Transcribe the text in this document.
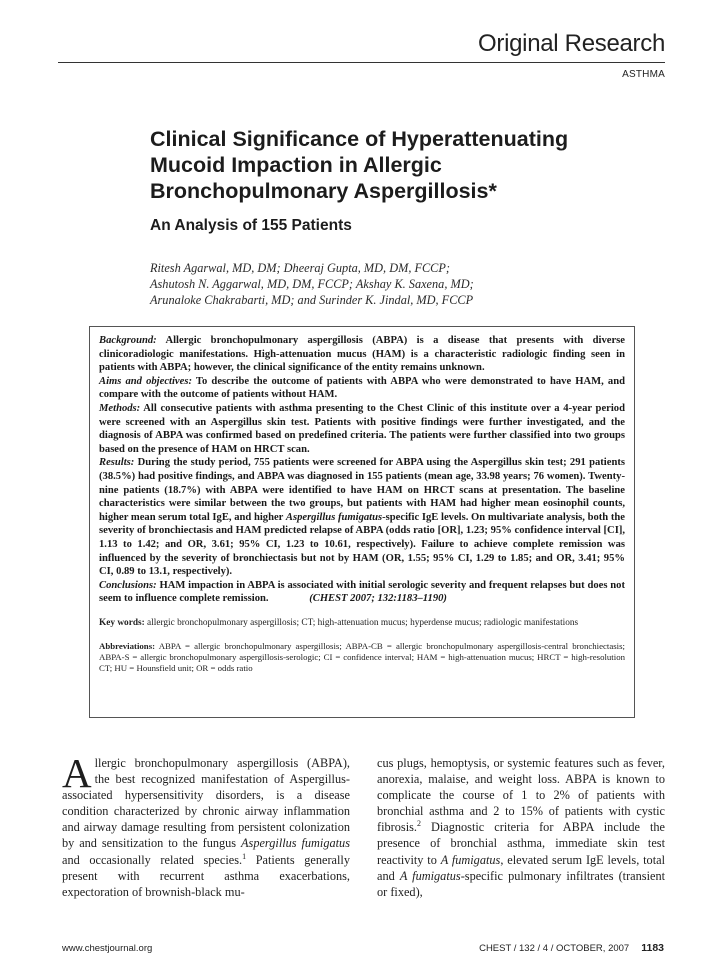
Original Research
ASTHMA
Clinical Significance of Hyperattenuating Mucoid Impaction in Allergic Bronchopulmonary Aspergillosis*
An Analysis of 155 Patients
Ritesh Agarwal, MD, DM; Dheeraj Gupta, MD, DM, FCCP;
Ashutosh N. Aggarwal, MD, DM, FCCP; Akshay K. Saxena, MD;
Arunaloke Chakrabarti, MD; and Surinder K. Jindal, MD, FCCP

Background: Allergic bronchopulmonary aspergillosis (ABPA) is a disease that presents with diverse clinicoradiologic manifestations. High-attenuation mucus (HAM) is a characteristic radiologic finding seen in patients with ABPA; however, the clinical significance of the entity remains unknown.

Aims and objectives: To describe the outcome of patients with ABPA who were demonstrated to have HAM, and compare with the outcome of patients without HAM.

Methods: All consecutive patients with asthma presenting to the Chest Clinic of this institute over a 4-year period were screened with an Aspergillus skin test. Patients with positive findings were further investigated, and the diagnosis of ABPA was confirmed based on predefined criteria. The patients were further classified into two groups based on the presence of HAM on HRCT scan.

Results: During the study period, 755 patients were screened for ABPA using the Aspergillus skin test; 291 patients (38.5%) had positive findings, and ABPA was diagnosed in 155 patients (mean age, 33.98 years; 76 women). Twenty-nine patients (18.7%) with ABPA were identified to have HAM on HRCT scans at presentation. The baseline characteristics were similar between the two groups, but patients with HAM had higher mean eosinophil counts, higher mean serum total IgE, and higher Aspergillus fumigatus-specific IgE levels. On multivariate analysis, both the severity of bronchiectasis and HAM predicted relapse of ABPA (odds ratio [OR], 1.23; 95% confidence interval [CI], 1.13 to 1.42; and OR, 3.61; 95% CI, 1.23 to 10.61, respectively). Failure to achieve complete remission was influenced by the severity of bronchiectasis but not by HAM (OR, 1.55; 95% CI, 1.29 to 1.85; and OR, 3.41; 95% CI, 0.89 to 13.1, respectively).

Conclusions: HAM impaction in ABPA is associated with initial serologic severity and frequent relapses but does not seem to influence complete remission.	(CHEST 2007; 132:1183–1190)

Key words: allergic bronchopulmonary aspergillosis; CT; high-attenuation mucus; hyperdense mucus; radiologic manifestations

Abbreviations: ABPA = allergic bronchopulmonary aspergillosis; ABPA-CB = allergic bronchopulmonary aspergillosis-central bronchiectasis; ABPA-S = allergic bronchopulmonary aspergillosis-serologic; CI = confidence interval; HAM = high-attenuation mucus; HRCT = high-resolution CT; HU = Hounsfield unit; OR = odds ratio

Allergic bronchopulmonary aspergillosis (ABPA), the best recognized manifestation of Aspergillus-associated hypersensitivity disorders, is a disease condition characterized by chronic airway inflammation and airway damage resulting from persistent colonization by and sensitization to the fungus Aspergillus fumigatus and occasionally related species.$^1$ Patients generally present with recurrent asthma exacerbations, expectoration of brownish-black mu-

cus plugs, hemoptysis, or systemic features such as fever, anorexia, malaise, and weight loss. ABPA is known to complicate the course of 1 to 2% of patients with bronchial asthma and 2 to 15% of patients with cystic fibrosis.$^2$ Diagnostic criteria for ABPA include the presence of bronchial asthma, immediate skin test reactivity to A fumigatus, elevated serum IgE levels, total and A fumigatus-specific pulmonary infiltrates (transient or fixed),

www.chestjournal.org	CHEST / 132 / 4 / OCTOBER, 2007 1183
